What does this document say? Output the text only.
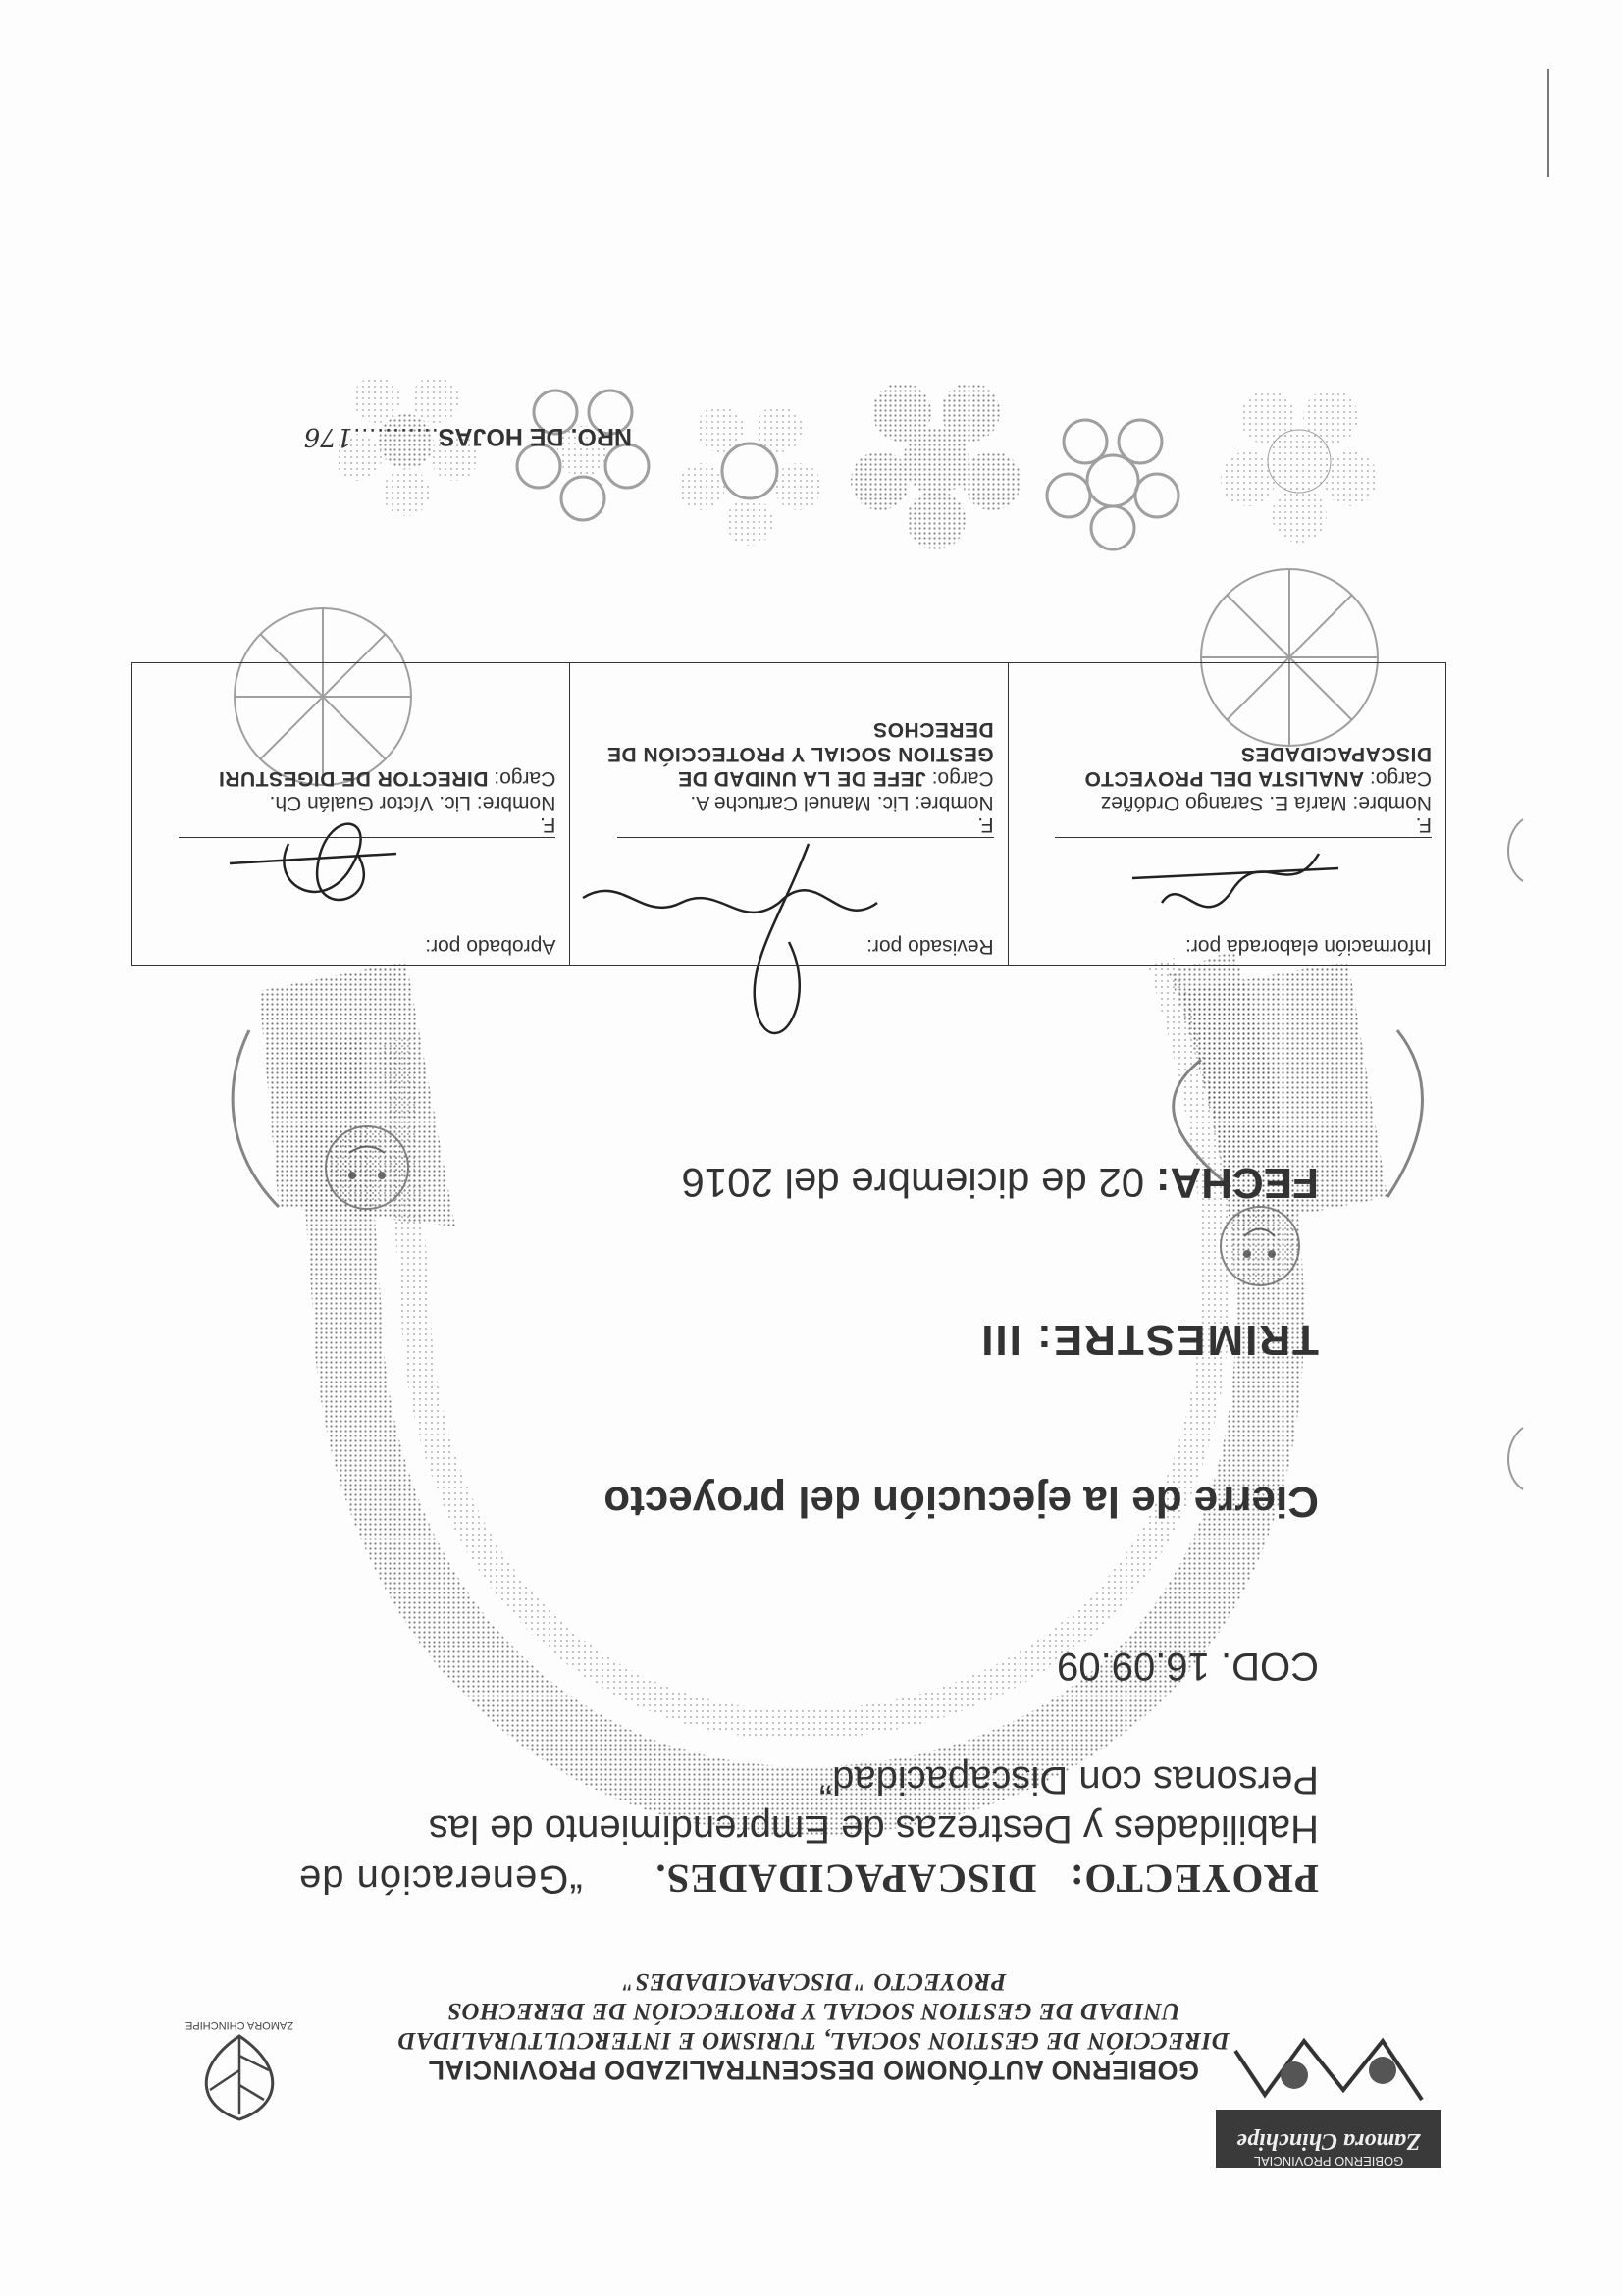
GOBIERNO PROVINCIAL
Zamora Chinchipe
ZAMORA CHINCHIPE
GOBIERNO AUTÓNOMO DESCENTRALIZADO PROVINCIAL
DIRECCIÓN DE GESTION SOCIAL, TURISMO E INTERCULTURALIDAD
UNIDAD DE GESTION SOCIAL Y PROTECCIÓN DE DERECHOS
PROYECTO "DISCAPACIDADES"
PROYECTO:   DISCAPACIDADES.
“Generación de
Habilidades y Destrezas de Emprendimiento de las
Personas con Discapacidad”
COD. 16.09.09
Cierre de la ejecución del proyecto
TRIMESTRE: III
FECHA: 02 de diciembre del 2016
Información elaborada por:
F.
Nombre: María E. Sarango Ordóñez
Cargo: ANALISTA DEL PROYECTO DISCAPACIDADES

Revisado por:
F.
Nombre: Lic. Manuel Cartuche A.
Cargo: JEFE DE LA UNIDAD DE GESTION SOCIAL Y PROTECCIÓN DE DERECHOS

Aprobado por:
F.
Nombre: Lic. Víctor Gualán Ch.
Cargo: DIRECTOR DE DIGESTURI
NRO. DE HOJAS...........176
